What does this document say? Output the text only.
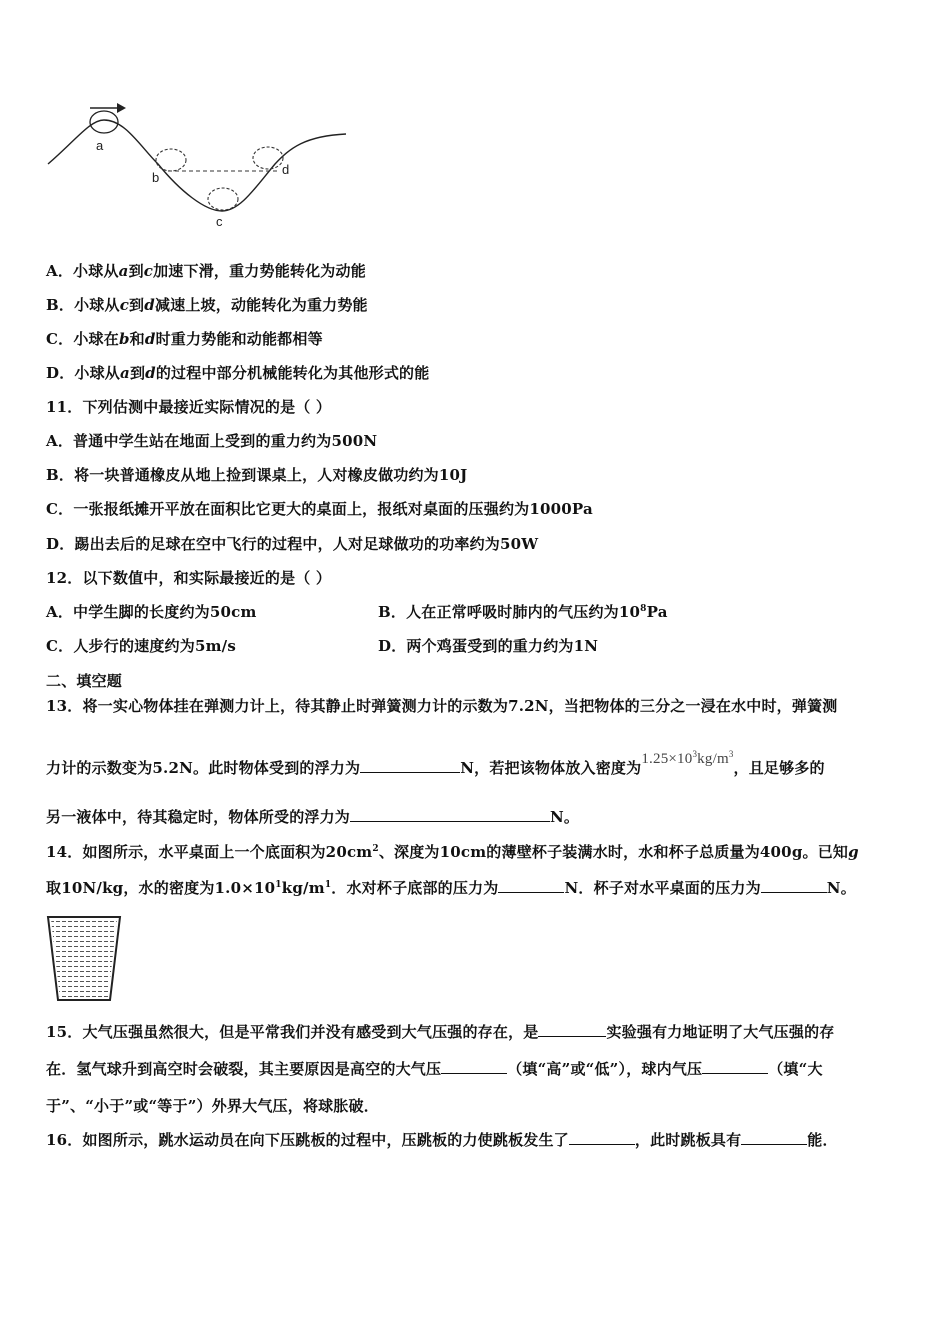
a
b
c
d
A．小球从a到c加速下滑，重力势能转化为动能
B．小球从c到d减速上坡，动能转化为重力势能
C．小球在b和d时重力势能和动能都相等
D．小球从a到d的过程中部分机械能转化为其他形式的能
11．下列估测中最接近实际情况的是（ ）
A．普通中学生站在地面上受到的重力约为500N
B．将一块普通橡皮从地上捡到课桌上，人对橡皮做功约为10J
C．一张报纸摊开平放在面积比它更大的桌面上，报纸对桌面的压强约为1000Pa
D．踢出去后的足球在空中飞行的过程中，人对足球做功的功率约为50W
12．以下数值中，和实际最接近的是（ ）
A．中学生脚的长度约为50cm	B．人在正常呼吸时肺内的气压约为$10^8Pa$
C．人步行的速度约为5m/s	D．两个鸡蛋受到的重力约为1N
二、填空题
13．将一实心物体挂在弹测力计上，待其静止时弹簧测力计的示数为7.2N，当把物体的三分之一浸在水中时，弹簧测
力计的示数变为5.2N。此时物体受到的浮力为	N，若把该物体放入密度为$1.25\times 10^3kg/m^3$，且足够多的
另一液体中，待其稳定时，物体所受的浮力为	N。
14．如图所示，水平桌面上一个底面积为$20cm^2$、深度为10cm的薄壁杯子装满水时，水和杯子总质量为400g。已知g
取10N/kg，水的密度为$1.0\times 10^1kg/m^1$．水对杯子底部的压力为	N．杯子对水平桌面的压力为	N。
15．大气压强虽然很大，但是平常我们并没有感受到大气压强的存在，是	实验强有力地证明了大气压强的存
在．氢气球升到高空时会破裂，其主要原因是高空的大气压	（填“高”或“低”），球内气压	（填“大
于”、“小于”或“等于”）外界大气压，将球胀破．
16．如图所示，跳水运动员在向下压跳板的过程中，压跳板的力使跳板发生了	，此时跳板具有	能．
